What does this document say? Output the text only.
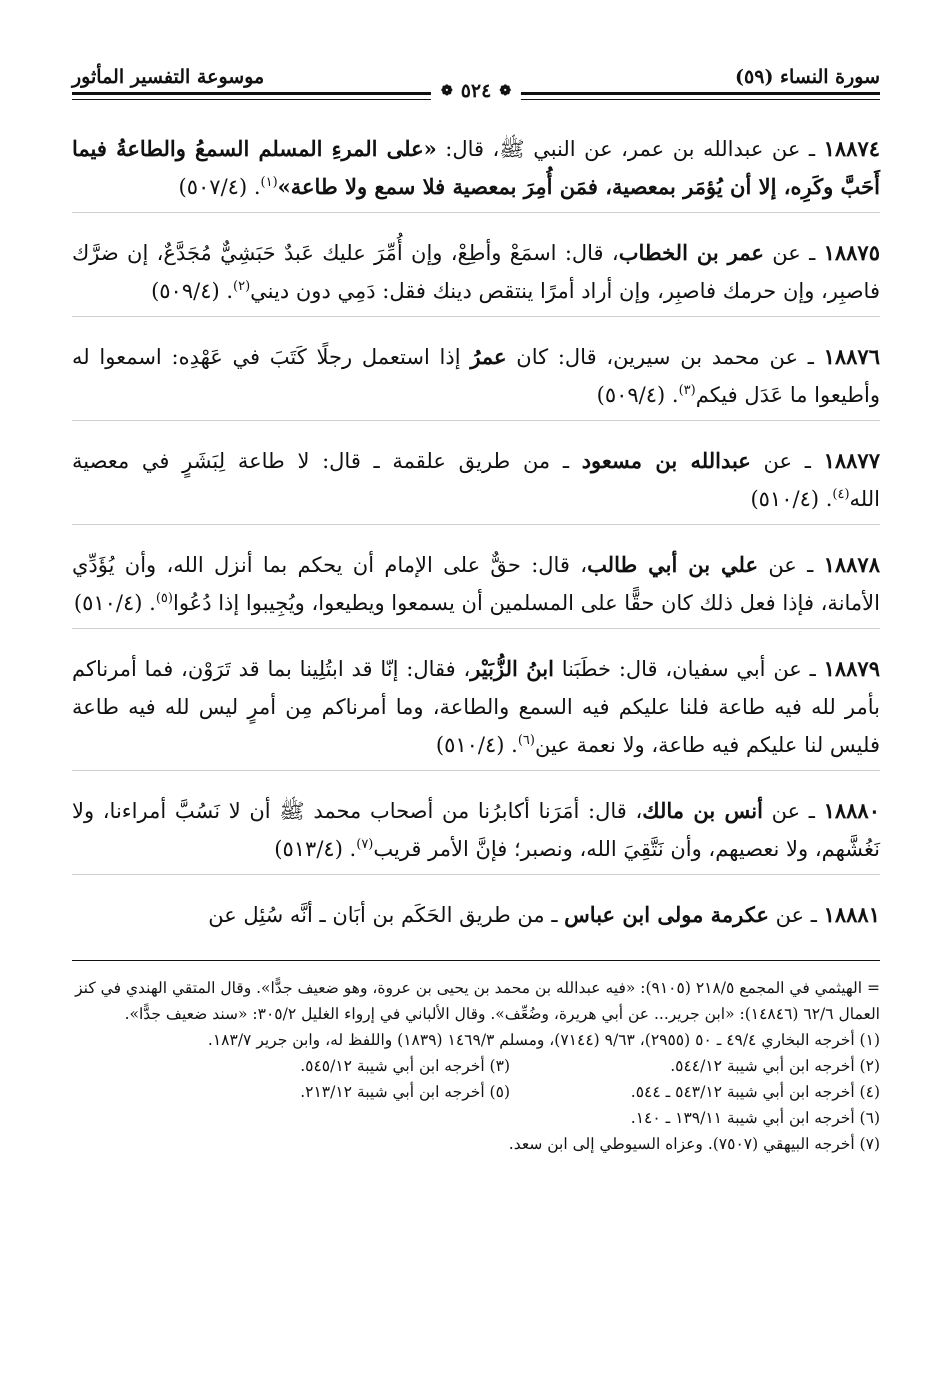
سورة النساء (٥٩)
موسوعة التفسير المأثور
❁
٥٢٤
❁

١٨٨٧٤ ـ عن عبدالله بن عمر، عن النبي ﷺ، قال: «على المرءِ المسلم السمعُ والطاعةُ فيما أَحَبَّ وكَرِه، إلا أن يُؤمَر بمعصية، فمَن أُمِرَ بمعصية فلا سمع ولا طاعة»$^{(١)}$. (٥٠٧/٤)

١٨٨٧٥ ـ عن عمر بن الخطاب، قال: اسمَعْ وأطِعْ، وإن أُمِّرَ عليك عَبدٌ حَبَشِيٌّ مُجَدَّعٌ، إن ضرَّك فاصبِر، وإن حرمك فاصبِر، وإن أراد أمرًا ينتقص دينك فقل: دَمِي دون ديني$^{(٢)}$. (٥٠٩/٤)

١٨٨٧٦ ـ عن محمد بن سيرين، قال: كان عمرُ إذا استعمل رجلًا كَتَبَ في عَهْدِه: اسمعوا له وأطيعوا ما عَدَل فيكم$^{(٣)}$. (٥٠٩/٤)

١٨٨٧٧ ـ عن عبدالله بن مسعود ـ من طريق علقمة ـ قال: لا طاعة لِبَشَرٍ في معصية الله$^{(٤)}$. (٥١٠/٤)

١٨٨٧٨ ـ عن علي بن أبي طالب، قال: حقٌّ على الإمام أن يحكم بما أنزل الله، وأن يُؤَدِّي الأمانة، فإذا فعل ذلك كان حقًّا على المسلمين أن يسمعوا ويطيعوا، ويُجِيبوا إذا دُعُوا$^{(٥)}$. (٥١٠/٤)

١٨٨٧٩ ـ عن أبي سفيان، قال: خطَبَنا ابنُ الزُّبَيْر، فقال: إنّا قد ابتُلِينا بما قد تَرَوْن، فما أمرناكم بأمر لله فيه طاعة فلنا عليكم فيه السمع والطاعة، وما أمرناكم مِن أمرٍ ليس لله فيه طاعة فليس لنا عليكم فيه طاعة، ولا نعمة عين$^{(٦)}$. (٥١٠/٤)

١٨٨٨٠ ـ عن أنس بن مالك، قال: أمَرَنا أكابرُنا من أصحاب محمد ﷺ أن لا نَسُبَّ أمراءنا، ولا نَغُشَّهم، ولا نعصيهم، وأن نَتَّقِيَ الله، ونصبر؛ فإنَّ الأمر قريب$^{(٧)}$. (٥١٣/٤)

١٨٨٨١ ـ عن عكرمة مولى ابن عباس ـ من طريق الحَكَم بن أبَان ـ أنَّه سُئِل عن

= الهيثمي في المجمع ٢١٨/٥ (٩١٠٥): «فيه عبدالله بن محمد بن يحيى بن عروة، وهو ضعيف جدًّا». وقال المتقي الهندي في كنز العمال ٦٢/٦ (١٤٨٤٦): «ابن جرير... عن أبي هريرة، وضُعِّف». وقال الألباني في إرواء الغليل ٣٠٥/٢: «سند ضعيف جدًّا».

(١) أخرجه البخاري ٤٩/٤ ـ ٥٠ (٢٩٥٥)، ٩/٦٣ (٧١٤٤)، ومسلم ١٤٦٩/٣ (١٨٣٩) واللفظ له، وابن جرير ١٨٣/٧.

(٢) أخرجه ابن أبي شيبة ٥٤٤/١٢.
(٣) أخرجه ابن أبي شيبة ٥٤٥/١٢.
(٤) أخرجه ابن أبي شيبة ٥٤٣/١٢ ـ ٥٤٤.
(٥) أخرجه ابن أبي شيبة ٢١٣/١٢.

(٦) أخرجه ابن أبي شيبة ١٣٩/١١ ـ ١٤٠.

(٧) أخرجه البيهقي (٧٥٠٧). وعزاه السيوطي إلى ابن سعد.
